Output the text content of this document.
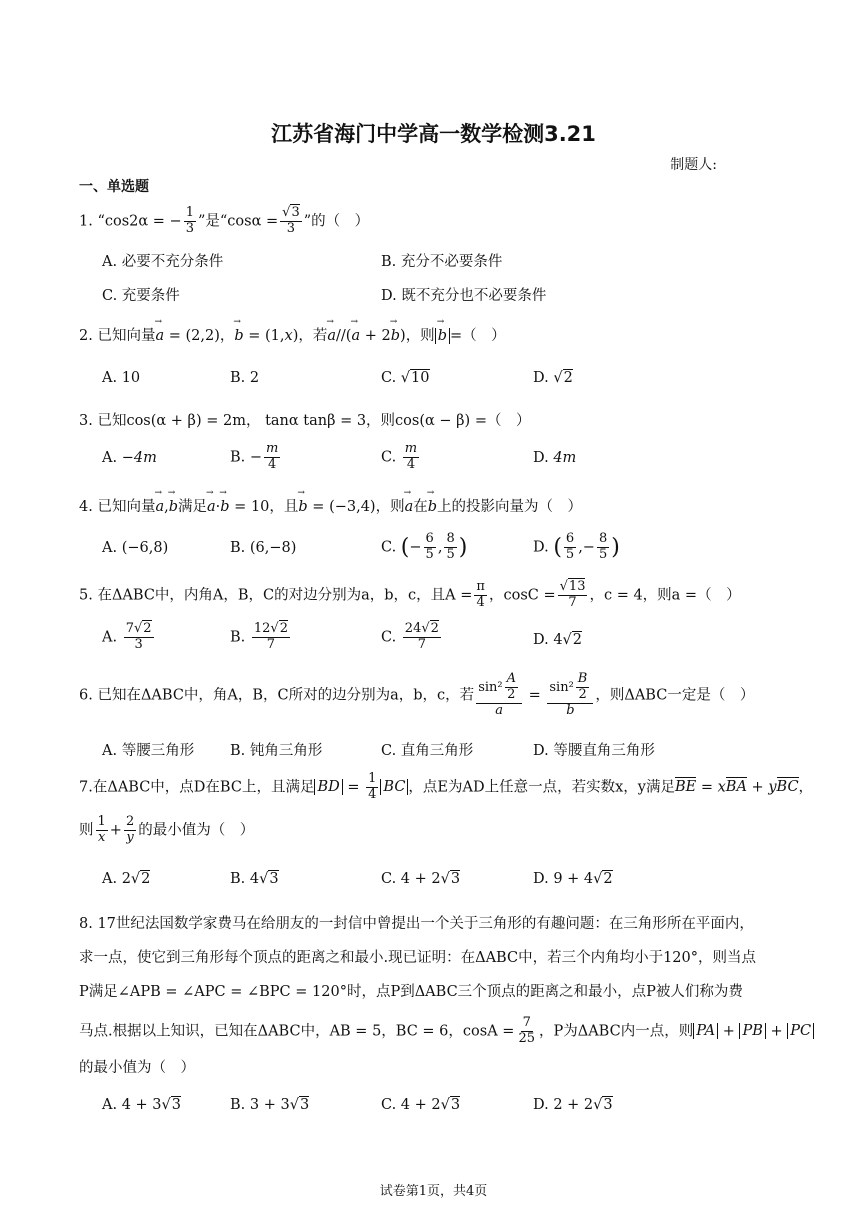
江苏省海门中学高一数学检测3.21
制题人:
一、单选题
1. “cos2α = − $\frac{1}{3}$ ”是“$\cos\alpha = \frac{√3}{3}$ ”的（　）
A. 必要不充分条件	B. 充分不必要条件
C. 充要条件	D. 既不充分也不必要条件
2. 已知向量→ a = (2,2)，→ b = (1,x)，若→ a//(→ a + 2→ b)，则→ b =（　）
A. 10	B. 2	C. √10	D. √2
3. 已知cos(α + β) = 2m， tanα tanβ = 3，则cos(α − β) =（　）
A. −4m	B. − $\frac{m}{4}$	C. $\frac{m}{4}$	D. 4m
4. 已知向量→ a,→ b满足→ a·→ b = 10，且→ b = (−3,4)，则→ a在→ b上的投影向量为（　）
A. (−6,8)	B. (6,−8)	C. (− $\frac{6}{5}$ , $\frac{8}{5}$ )	D. ( $\frac{6}{5}$ ,− $\frac{8}{5}$ )
5. 在ΔABC中，内角A，B，C的对边分别为a，b，c，且$A = \frac{\pi}{4}$ ，$\cos C = \frac{√13}{7}$ ，c = 4，则a =（　）
A. $\frac{7√2}{3}$	B. $\frac{12√2}{7}$	C. $\frac{24√2}{7}$	D. 4√2
6. 已知在ΔABC中，角A，B，C所对的边分别为a，b，c，若 $\frac{\sin^2 \frac{A}{2}}{a} = \frac{\sin^2 \frac{B}{2}}{b}$ ，则ΔABC一定是（　）
A. 等腰三角形 B. 钝角三角形	C. 直角三角形	D. 等腰直角三角形
7.在ΔABC中，点D在BC上，且满足 BD = $\frac{1}{4}$ BC ，点E为AD上任意一点，若实数x，y满足BE = xBA + yBC，
则 $\frac{1}{x} + \frac{2}{y}$ 的最小值为（　）
A. 2√2	B. 4√3	C. 4 + 2√3	D. 9 + 4√2
8. 17世纪法国数学家费马在给朋友的一封信中曾提出一个关于三角形的有趣问题：在三角形所在平面内，
求一点，使它到三角形每个顶点的距离之和最小.现已证明：在ΔABC中，若三个内角均小于120°，则当点
P满足∠APB = ∠APC = ∠BPC = 120°时，点P到ΔABC三个顶点的距离之和最小，点P被人们称为费
马点.根据以上知识，已知在ΔABC中，AB = 5，BC = 6，$\cos A = \frac{7}{25}$ ，P为ΔABC内一点，则 PA + PB + PC
的最小值为（　）
A. 4 + 3√3	B. 3 + 3√3	C. 4 + 2√3	D. 2 + 2√3
试卷第1页，共4页
